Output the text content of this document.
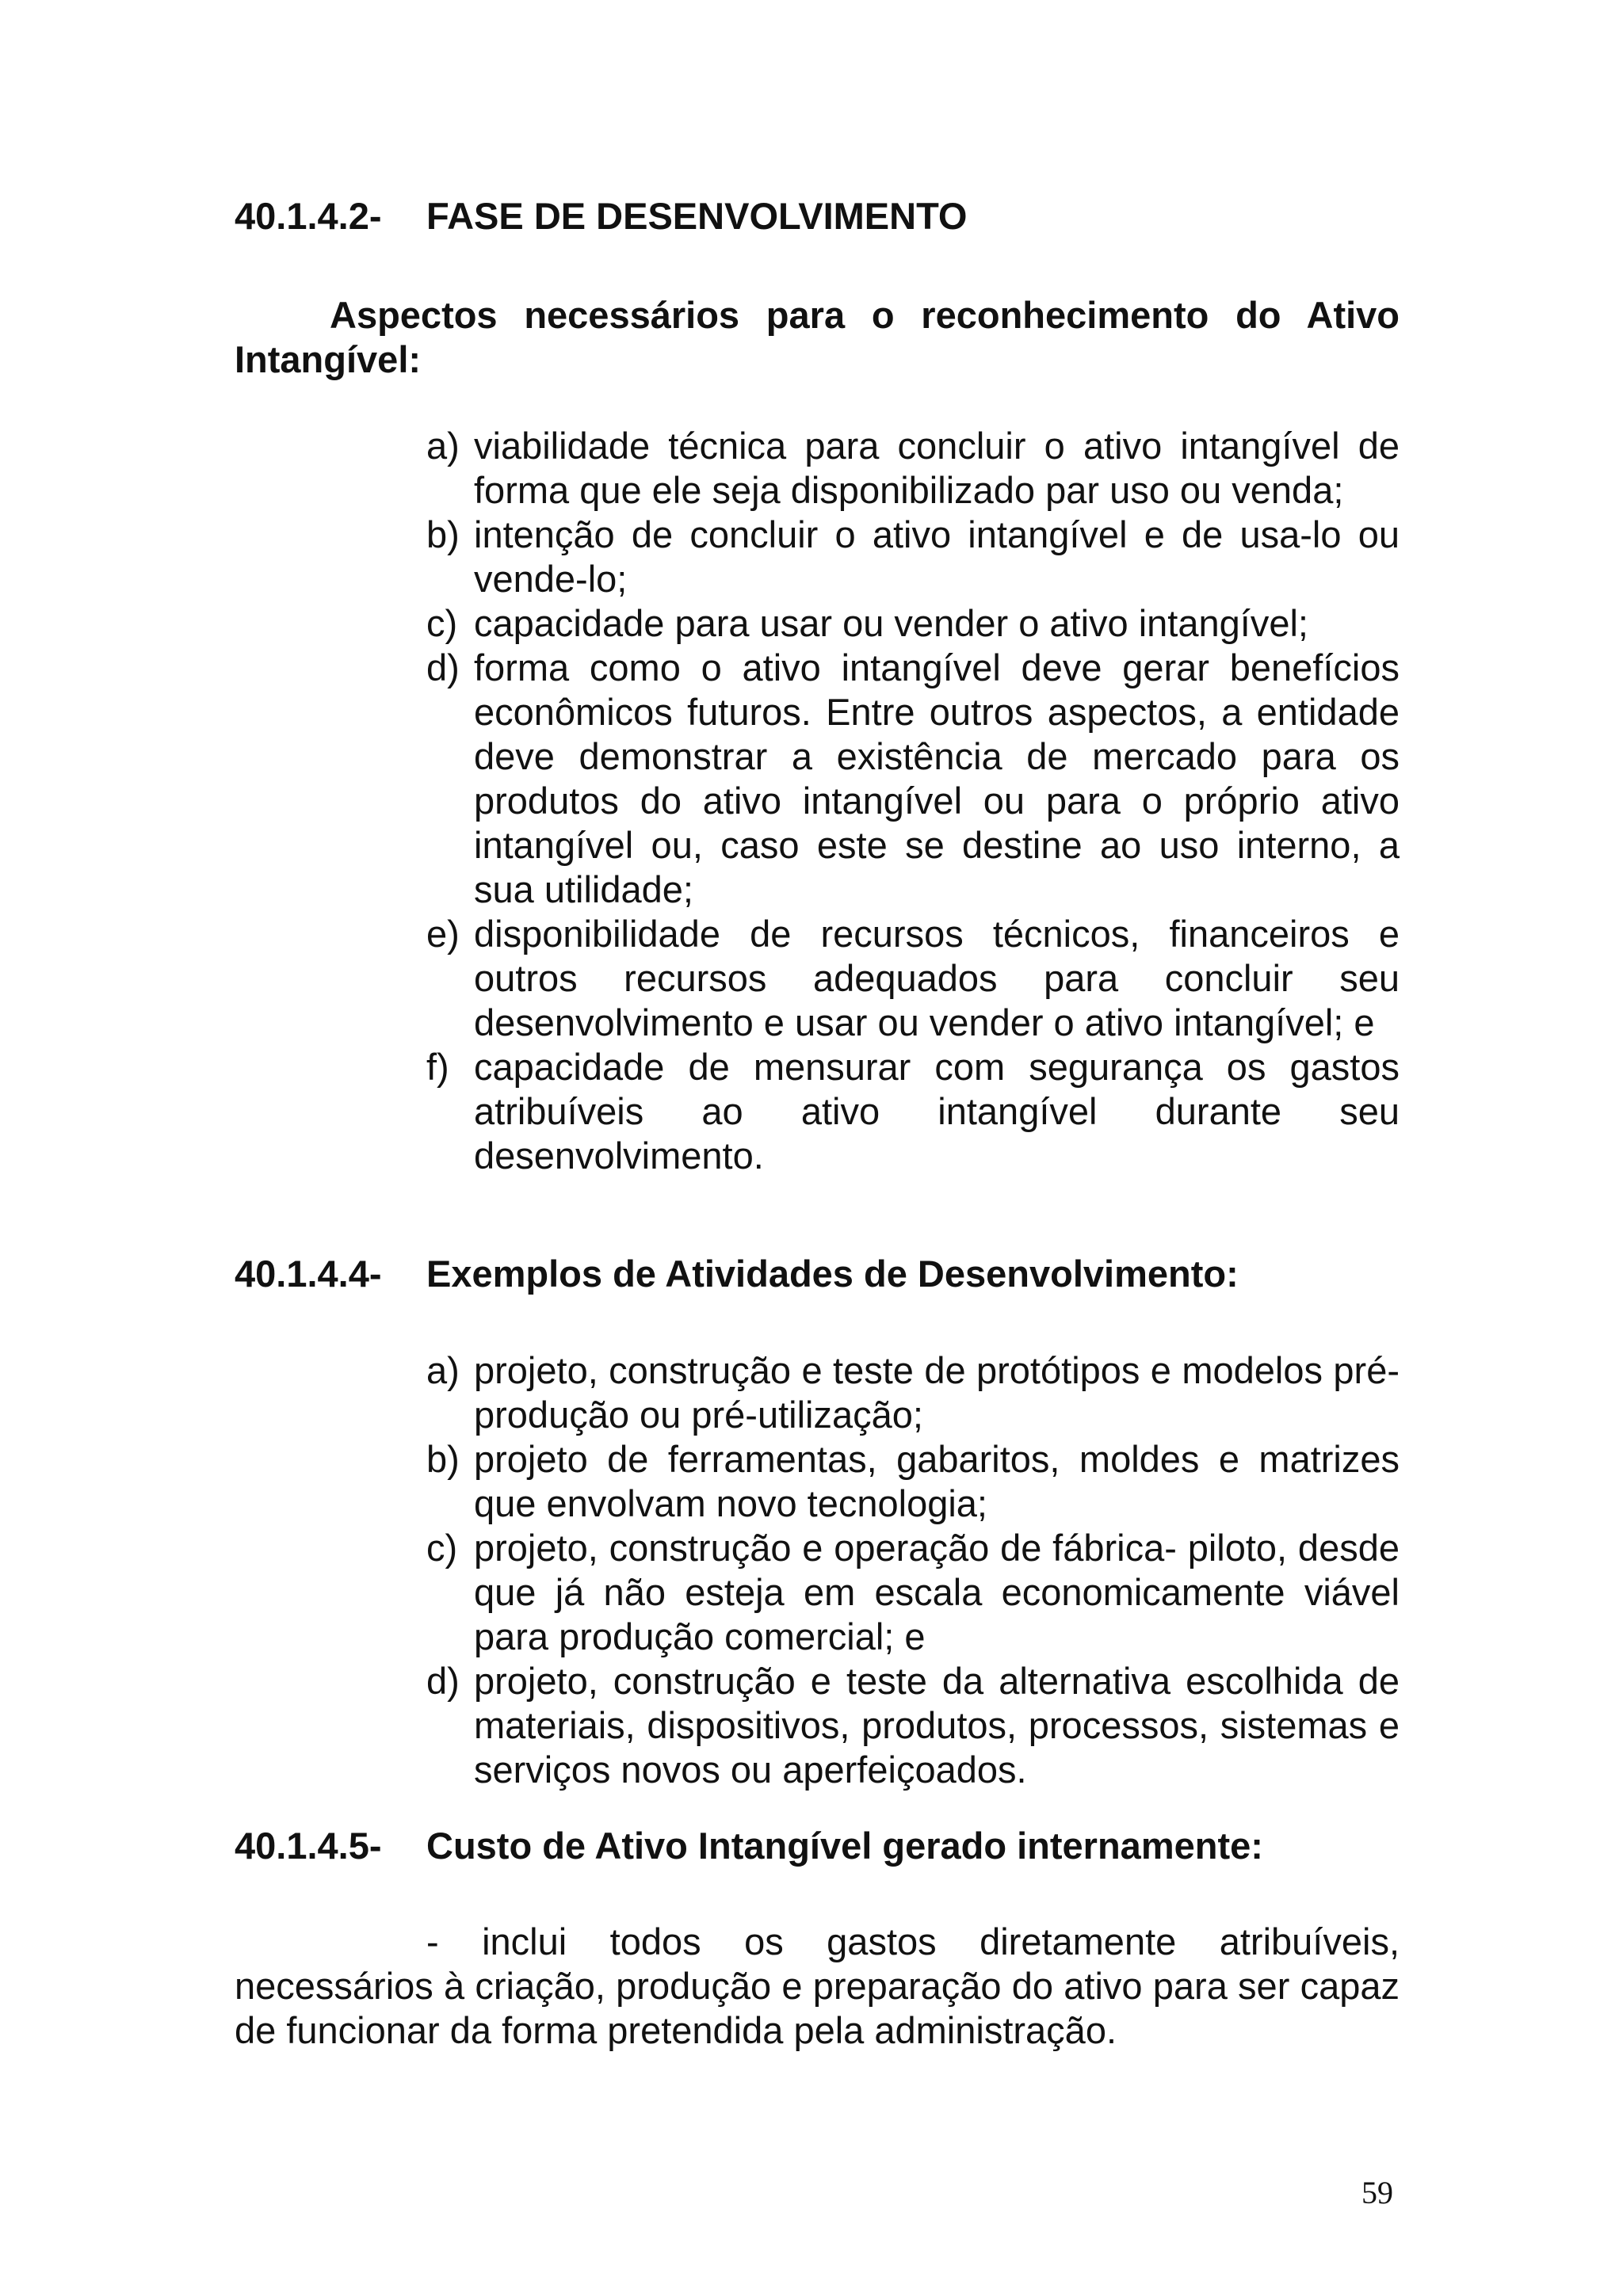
40.1.4.2- FASE DE DESENVOLVIMENTO
Aspectos necessários para o reconhecimento do Ativo Intangível:
a) viabilidade técnica para concluir o ativo intangível de forma que ele seja disponibilizado par uso ou venda;
b) intenção de concluir o ativo intangível e de usa-lo ou vende-lo;
c) capacidade para usar ou vender o ativo intangível;
d) forma como o ativo intangível deve gerar benefícios econômicos futuros. Entre outros aspectos, a entidade deve demonstrar a existência de mercado para os produtos do ativo intangível ou para o próprio ativo intangível ou, caso este se destine ao uso interno, a sua utilidade;
e) disponibilidade de recursos técnicos, financeiros e outros recursos adequados para concluir seu desenvolvimento e usar ou vender o ativo intangível; e
f) capacidade de mensurar com segurança os gastos atribuíveis ao ativo intangível durante seu desenvolvimento.
40.1.4.4- Exemplos de Atividades de Desenvolvimento:
a) projeto, construção e teste de protótipos e modelos pré-produção ou pré-utilização;
b) projeto de ferramentas, gabaritos, moldes e matrizes que envolvam novo tecnologia;
c) projeto, construção e operação de fábrica- piloto, desde que já não esteja em escala economicamente viável para produção comercial; e
d) projeto, construção e teste da alternativa escolhida de materiais, dispositivos, produtos, processos, sistemas e serviços novos ou aperfeiçoados.
40.1.4.5- Custo de Ativo Intangível gerado internamente:
- inclui todos os gastos diretamente atribuíveis, necessários à criação, produção e preparação do ativo para ser capaz de funcionar da forma pretendida pela administração.
59
